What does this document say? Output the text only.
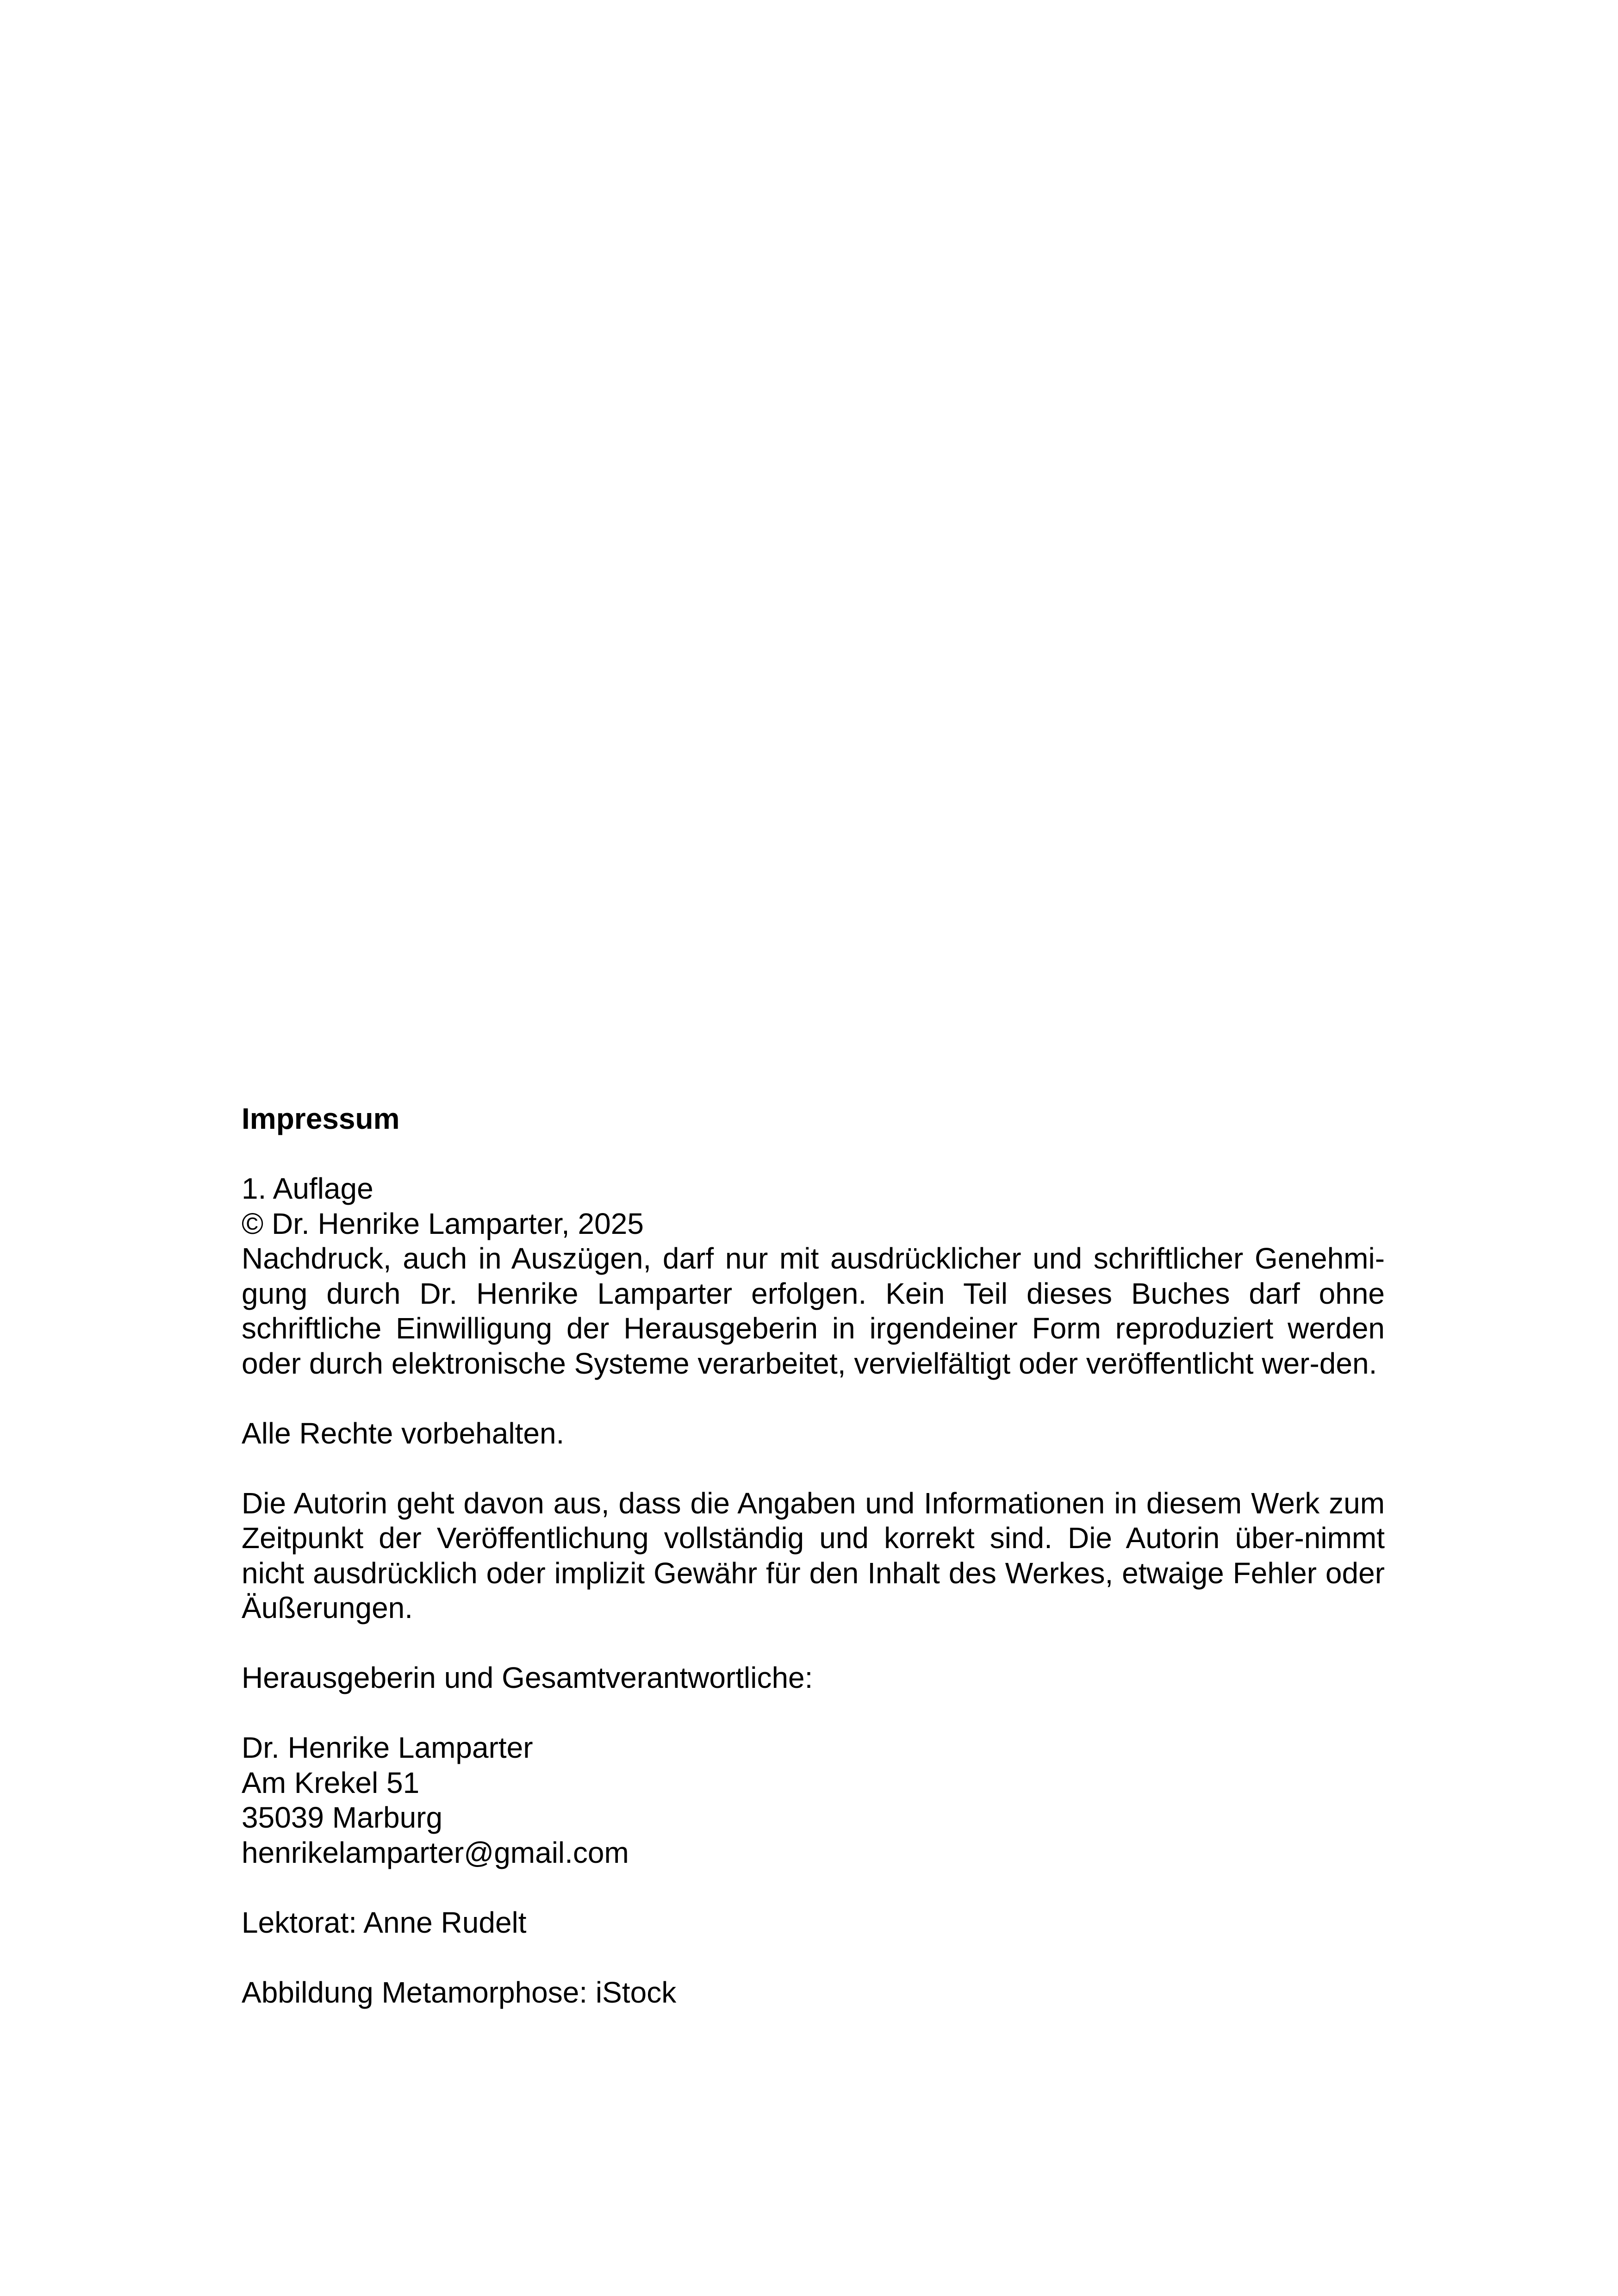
Impressum

1. Auflage

© Dr. Henrike Lamparter, 2025

Nachdruck, auch in Auszügen, darf nur mit ausdrücklicher und schriftlicher Genehmi-gung durch Dr. Henrike Lamparter erfolgen. Kein Teil dieses Buches darf ohne schriftliche Einwilligung der Herausgeberin in irgendeiner Form reproduziert werden oder durch elektronische Systeme verarbeitet, vervielfältigt oder veröffentlicht wer-den.

Alle Rechte vorbehalten.

Die Autorin geht davon aus, dass die Angaben und Informationen in diesem Werk zum Zeitpunkt der Veröffentlichung vollständig und korrekt sind. Die Autorin über-nimmt nicht ausdrücklich oder implizit Gewähr für den Inhalt des Werkes, etwaige Fehler oder Äußerungen.

Herausgeberin und Gesamtverantwortliche:

Dr. Henrike Lamparter

Am Krekel 51

35039 Marburg

henrikelamparter@gmail.com

Lektorat: Anne Rudelt

Abbildung Metamorphose: iStock
